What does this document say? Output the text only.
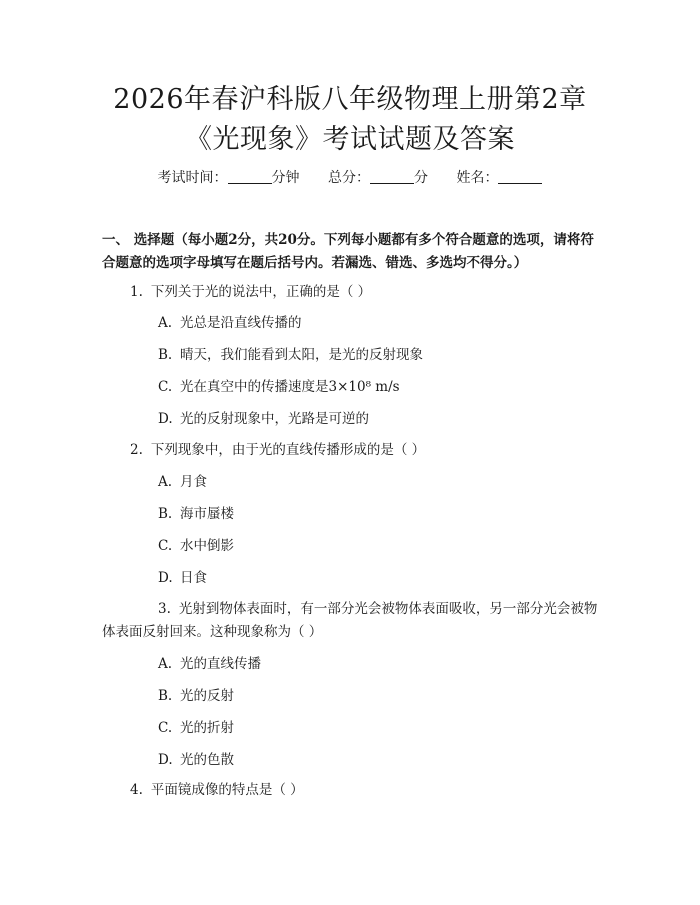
2026年春沪科版八年级物理上册第2章《光现象》考试试题及答案
考试时间：	分钟 总分：	分 姓名：
一、 选择题（每小题2分，共20分。下列每小题都有多个符合题意的选项，请将符合题意的选项字母填写在题后括号内。若漏选、错选、多选均不得分。）
1. 下列关于光的说法中，正确的是（ ）
A. 光总是沿直线传播的
B. 晴天，我们能看到太阳，是光的反射现象
C. 光在真空中的传播速度是3×10⁸ m/s
D. 光的反射现象中，光路是可逆的
2. 下列现象中，由于光的直线传播形成的是（ ）
A. 月食
B. 海市蜃楼
C. 水中倒影
D. 日食
3. 光射到物体表面时，有一部分光会被物体表面吸收，另一部分光会被物体表面反射回来。这种现象称为（ ）
A. 光的直线传播
B. 光的反射
C. 光的折射
D. 光的色散
4. 平面镜成像的特点是（ ）
